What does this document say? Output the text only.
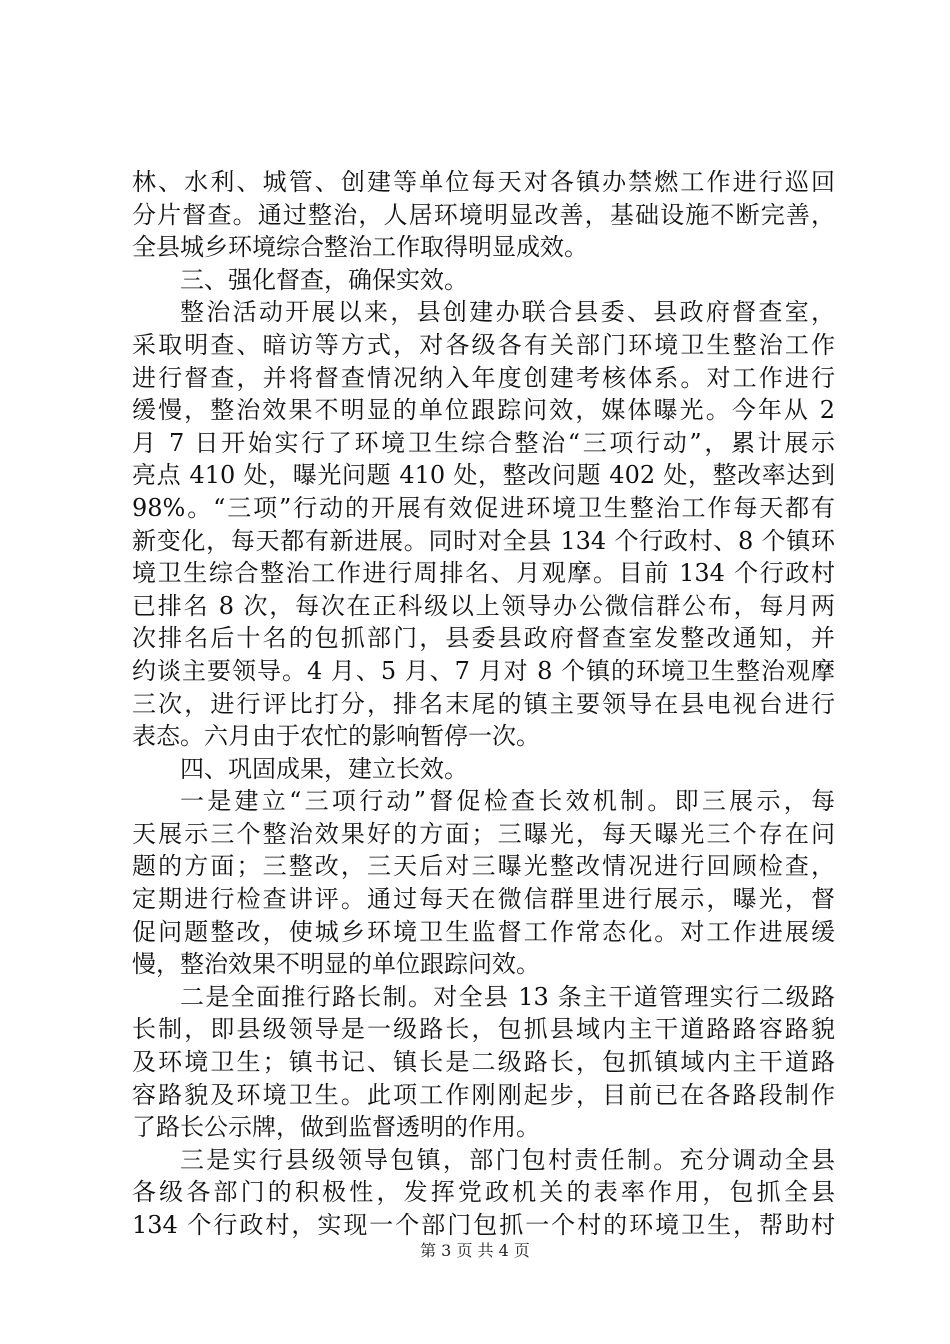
林、水利、城管、创建等单位每天对各镇办禁燃工作进行巡回
分片督查。通过整治，人居环境明显改善，基础设施不断完善，
全县城乡环境综合整治工作取得明显成效。
三、强化督查，确保实效。
整治活动开展以来，县创建办联合县委、县政府督查室，
采取明查、暗访等方式，对各级各有关部门环境卫生整治工作
进行督查，并将督查情况纳入年度创建考核体系。对工作进行
缓慢，整治效果不明显的单位跟踪问效，媒体曝光。今年从 2
月 7 日开始实行了环境卫生综合整治“三项行动”，累计展示
亮点 410 处，曝光问题 410 处，整改问题 402 处，整改率达到
98%。“三项”行动的开展有效促进环境卫生整治工作每天都有
新变化，每天都有新进展。同时对全县 134 个行政村、8 个镇环
境卫生综合整治工作进行周排名、月观摩。目前 134 个行政村
已排名 8 次，每次在正科级以上领导办公微信群公布，每月两
次排名后十名的包抓部门，县委县政府督查室发整改通知，并
约谈主要领导。4 月、5 月、7 月对 8 个镇的环境卫生整治观摩
三次，进行评比打分，排名末尾的镇主要领导在县电视台进行
表态。六月由于农忙的影响暂停一次。
四、巩固成果，建立长效。
一是建立“三项行动”督促检查长效机制。即三展示，每
天展示三个整治效果好的方面；三曝光，每天曝光三个存在问
题的方面；三整改，三天后对三曝光整改情况进行回顾检查，
定期进行检查讲评。通过每天在微信群里进行展示，曝光，督
促问题整改，使城乡环境卫生监督工作常态化。对工作进展缓
慢，整治效果不明显的单位跟踪问效。
二是全面推行路长制。对全县 13 条主干道管理实行二级路
长制，即县级领导是一级路长，包抓县域内主干道路路容路貌
及环境卫生；镇书记、镇长是二级路长，包抓镇域内主干道路
容路貌及环境卫生。此项工作刚刚起步，目前已在各路段制作
了路长公示牌，做到监督透明的作用。
三是实行县级领导包镇，部门包村责任制。充分调动全县
各级各部门的积极性，发挥党政机关的表率作用，包抓全县
134 个行政村，实现一个部门包抓一个村的环境卫生，帮助村
第 3 页 共 4 页
